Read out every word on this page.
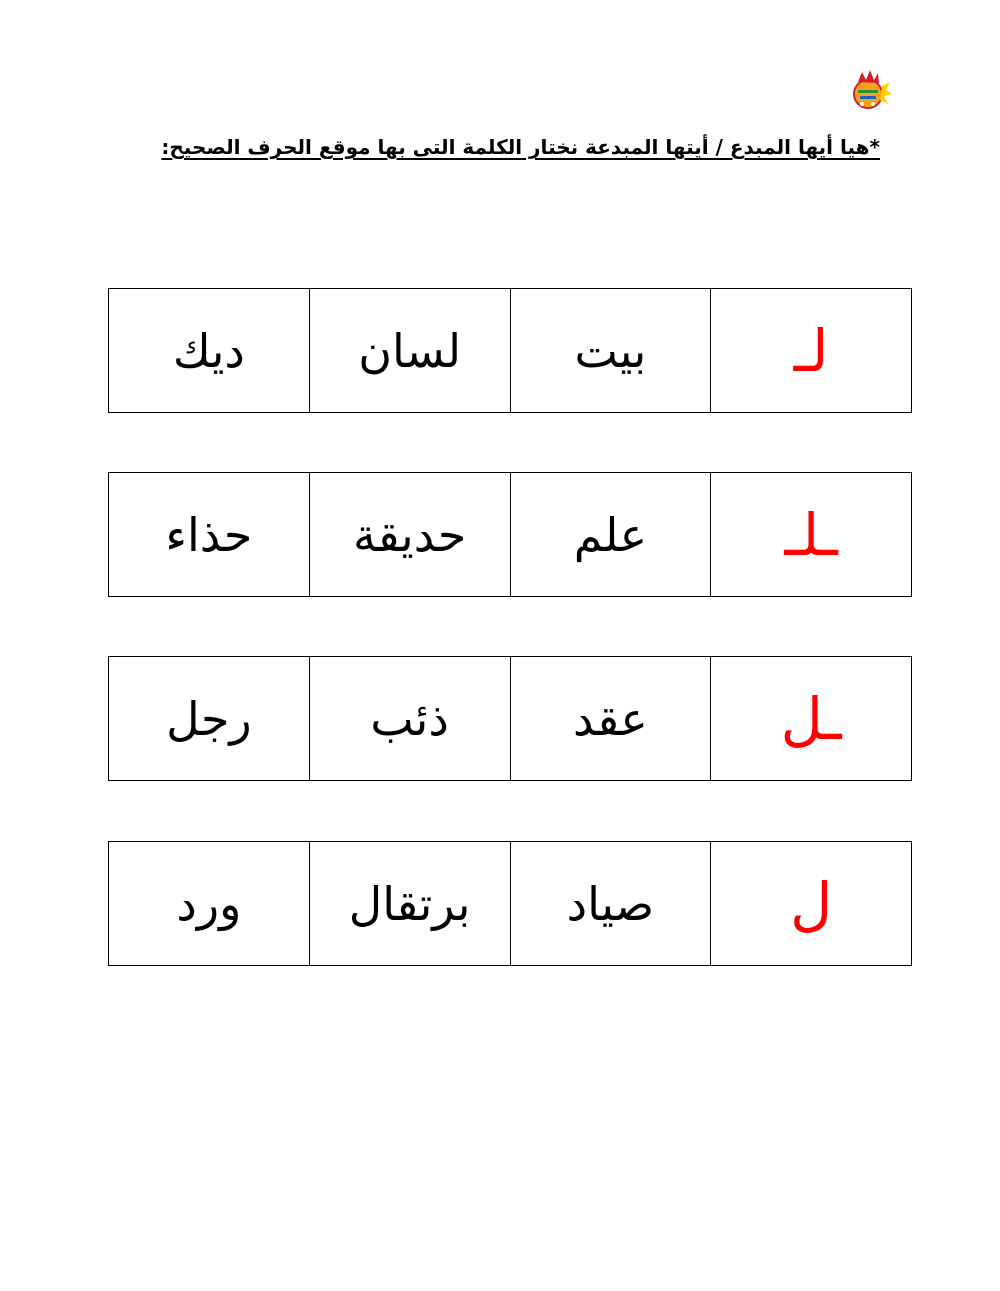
*هيا أيها المبدع / أيتها المبدعة نختار الكلمة التى بها موقع الحرف الصحيح:
لـ
بيت
لسان
ديك
ـلـ
علم
حديقة
حذاء
ـل
عقد
ذئب
رجل
ل
صياد
برتقال
ورد
